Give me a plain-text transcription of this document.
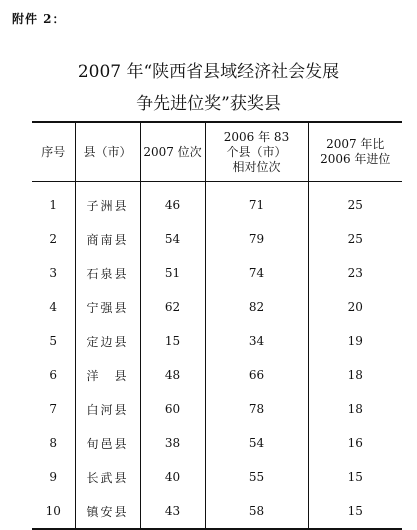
附件 2：
2007 年“陕西省县域经济社会发展
争先进位奖”获奖县
序号	县（市）	2007 位次	2006 年 83
个县（市）
相对位次	2007 年比
2006 年进位

1	子洲县	46	71	25
2	商南县	54	79	25
3	石泉县	51	74	23
4	宁强县	62	82	20
5	定边县	15	34	19
6	洋　县	48	66	18
7	白河县	60	78	18
8	旬邑县	38	54	16
9	长武县	40	55	15
10	镇安县	43	58	15
